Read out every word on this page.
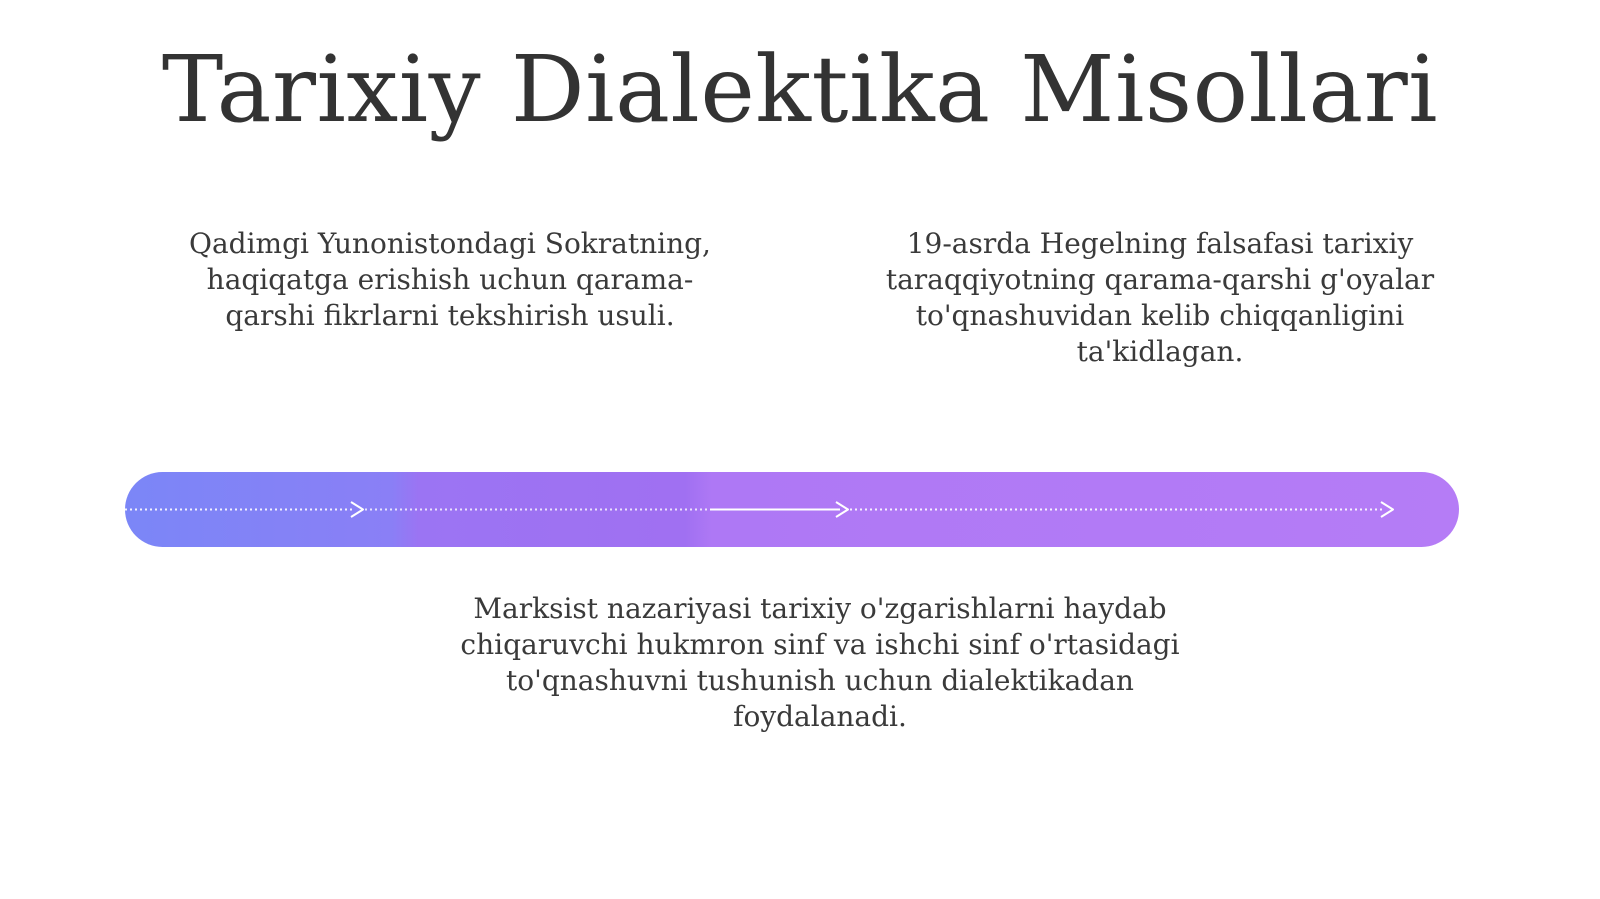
Tarixiy Dialektika Misollari
Qadimgi Yunonistondagi Sokratning, haqiqatga erishish uchun qarama-qarshi fikrlarni tekshirish usuli.
19-asrda Hegelning falsafasi tarixiy taraqqiyotning qarama-qarshi g'oyalar to'qnashuvidan kelib chiqqanligini ta'kidlagan.
Marksist nazariyasi tarixiy o'zgarishlarni haydab chiqaruvchi hukmron sinf va ishchi sinf o'rtasidagi to'qnashuvni tushunish uchun dialektikadan foydalanadi.
